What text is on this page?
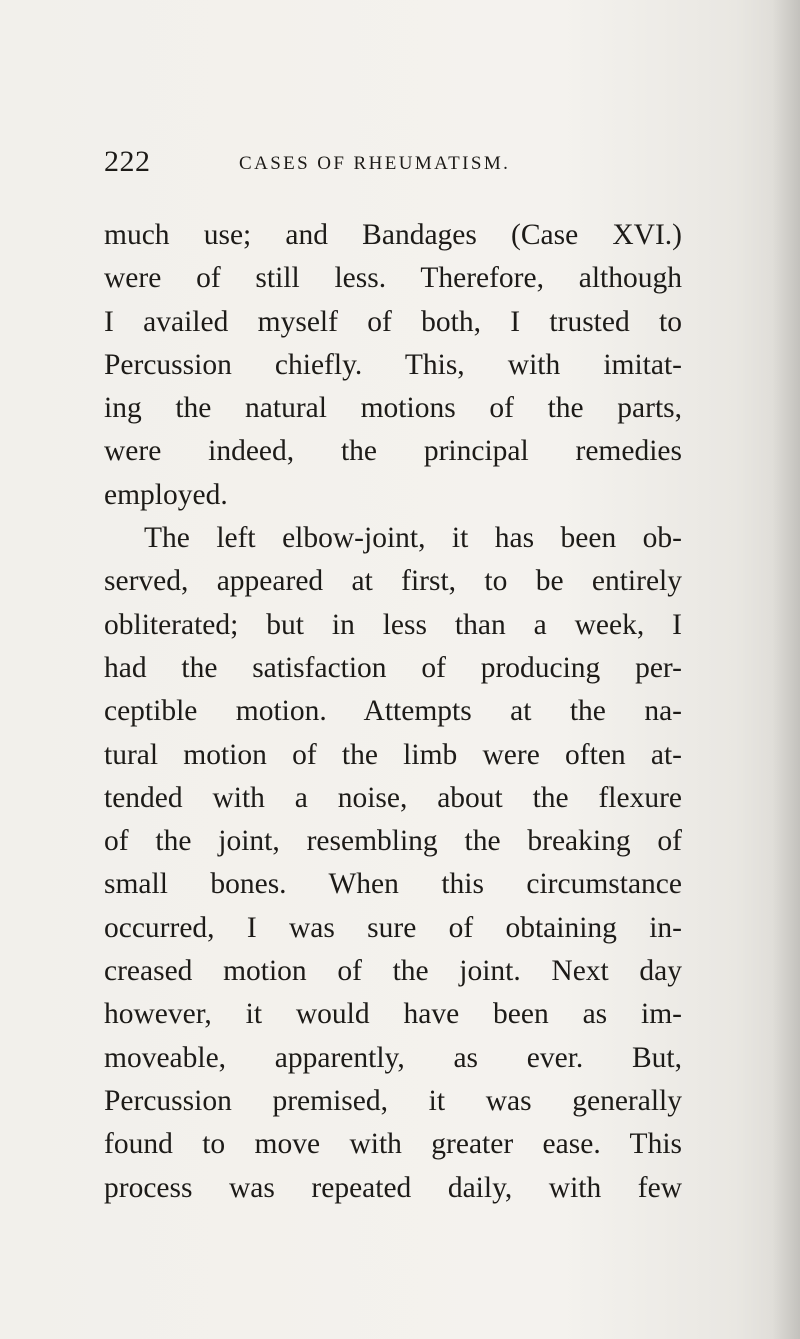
222	CASES OF RHEUMATISM.
much use; and Bandages (Case XVI.)
were of still less. Therefore, although
I availed myself of both, I trusted to
Percussion chiefly. This, with imitat-
ing the natural motions of the parts,
were indeed, the principal remedies
employed.
The left elbow-joint, it has been ob-
served, appeared at first, to be entirely
obliterated; but in less than a week, I
had the satisfaction of producing per-
ceptible motion. Attempts at the na-
tural motion of the limb were often at-
tended with a noise, about the flexure
of the joint, resembling the breaking of
small bones. When this circumstance
occurred, I was sure of obtaining in-
creased motion of the joint. Next day
however, it would have been as im-
moveable, apparently, as ever. But,
Percussion premised, it was generally
found to move with greater ease. This
process was repeated daily, with few
